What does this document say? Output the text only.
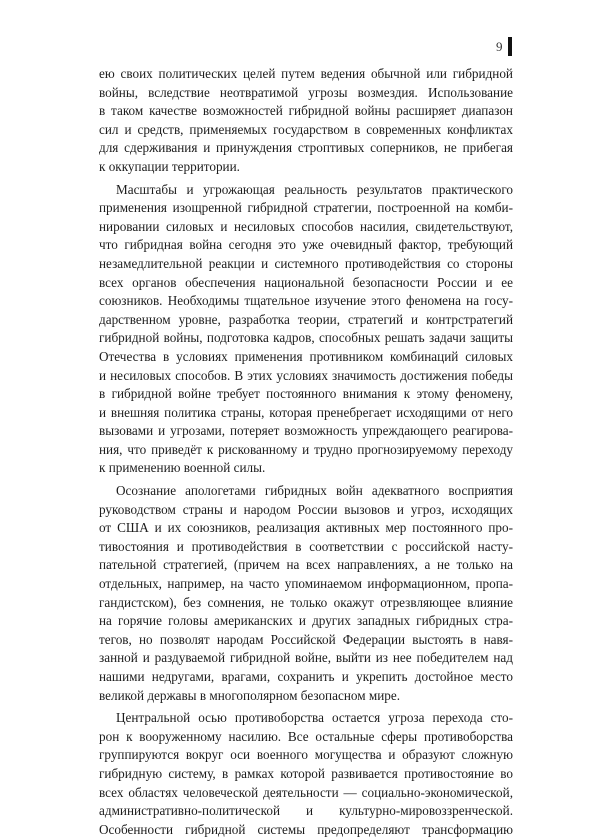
9
ею своих политических целей путем ведения обычной или гибридной
войны, вследствие неотвратимой угрозы возмездия. Использование
в таком качестве возможностей гибридной войны расширяет диапазон
сил и средств, применяемых государством в современных конфликтах
для сдерживания и принуждения строптивых соперников, не прибегая
к оккупации территории.
Масштабы и угрожающая реальность результатов практического
применения изощренной гибридной стратегии, построенной на комби-
нировании силовых и несиловых способов насилия, свидетельствуют,
что гибридная война сегодня это уже очевидный фактор, требующий
незамедлительной реакции и системного противодействия со стороны
всех органов обеспечения национальной безопасности России и ее
союзников. Необходимы тщательное изучение этого феномена на госу-
дарственном уровне, разработка теории, стратегий и контрстратегий
гибридной войны, подготовка кадров, способных решать задачи защиты
Отечества в условиях применения противником комбинаций силовых
и несиловых способов. В этих условиях значимость достижения победы
в гибридной войне требует постоянного внимания к этому феномену,
и внешняя политика страны, которая пренебрегает исходящими от него
вызовами и угрозами, потеряет возможность упреждающего реагирова-
ния, что приведёт к рискованному и трудно прогнозируемому переходу
к применению военной силы.
Осознание апологетами гибридных войн адекватного восприятия
руководством страны и народом России вызовов и угроз, исходящих
от США и их союзников, реализация активных мер постоянного про-
тивостояния и противодействия в соответствии с российской насту-
пательной стратегией, (причем на всех направлениях, а не только на
отдельных, например, на часто упоминаемом информационном, пропа-
гандистском), без сомнения, не только окажут отрезвляющее влияние
на горячие головы американских и других западных гибридных стра-
тегов, но позволят народам Российской Федерации выстоять в навя-
занной и раздуваемой гибридной войне, выйти из нее победителем над
нашими недругами, врагами, сохранить и укрепить достойное место
великой державы в многополярном безопасном мире.
Центральной осью противоборства остается угроза перехода сто-
рон к вооруженному насилию. Все остальные сферы противоборства
группируются вокруг оси военного могущества и образуют сложную
гибридную систему, в рамках которой развивается противостояние во
всех областях человеческой деятельности — социально-экономической,
административно-политической и культурно-мировоззренческой.
Особенности гибридной системы предопределяют трансформацию
